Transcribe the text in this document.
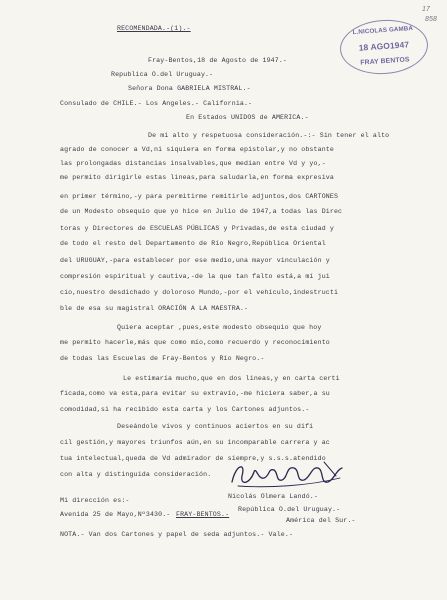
17
858
L.NICOLAS GAMBA
18 AGO1947
FRAY BENTOS
RECOMENDADA.-(1).-
Fray-Bentos,18 de Agosto de 1947.-
Republica O.del Uruguay.-
Señora Dona GABRIELA MISTRAL.-
Consulado de CHILE.- Los Angeles.- California.-
En Estados UNIDOS de AMERICA.-
De mi alto y respetuosa consideración.-:- Sin tener el alto
agrado de conocer a Vd,ni siquiera en forma epistolar,y no obstante
las prolongadas distancias insalvables,que median entre Vd y yo,-
me permito dirigirle estas lineas,para saludarla,en forma expresiva
en primer término,-y para permitirme remitirle adjuntos,dos CARTONES
de un Modesto obsequio que yo hice en Julio de 1947,a todas las Direc
toras y Directores de ESCUELAS PÚBLICAS y Privadas,de esta ciudad y
de todo el resto del Departamento de Río Negro,República Oriental
del URUGUAY,-para establecer por ese medio,una mayor vinculación y
compresión espiritual y cautiva,-de la que tan falto está,a mí jui
cio,nuestro desdichado y doloroso Mundo,-por el vehículo,indestructi
ble de esa su magistral ORACIÓN A LA MAESTRA.-
Quiera aceptar ,pues,este modesto obsequio que hoy
me permito hacerle,más que como mío,como recuerdo y reconocimiento
de todas las Escuelas de Fray-Bentos y Río Negro.-
Le estimaría mucho,que en dos lineas,y en carta certi
ficada,como va esta,para evitar su extravío,-me hiciera saber,a su
comodidad,si ha recibido esta carta y los Cartones adjuntos.-
Deseándole vivos y continuos aciertos en su difi
cil gestión,y mayores triunfos aún,en su incomparable carrera y ac
tua intelectual,queda de Vd admirador de siempre,y s.s.s.atendido
con alta y distinguida consideración.
Nicolás Olmera Landó.-
Mi dirección es:-
Avenida 25 de Mayo,Nº3430.- FRAY-BENTOS.-
República O.del Uruguay.-
América del Sur.-
NOTA.- Van dos Cartones y papel de seda adjuntos.- Vale.-
